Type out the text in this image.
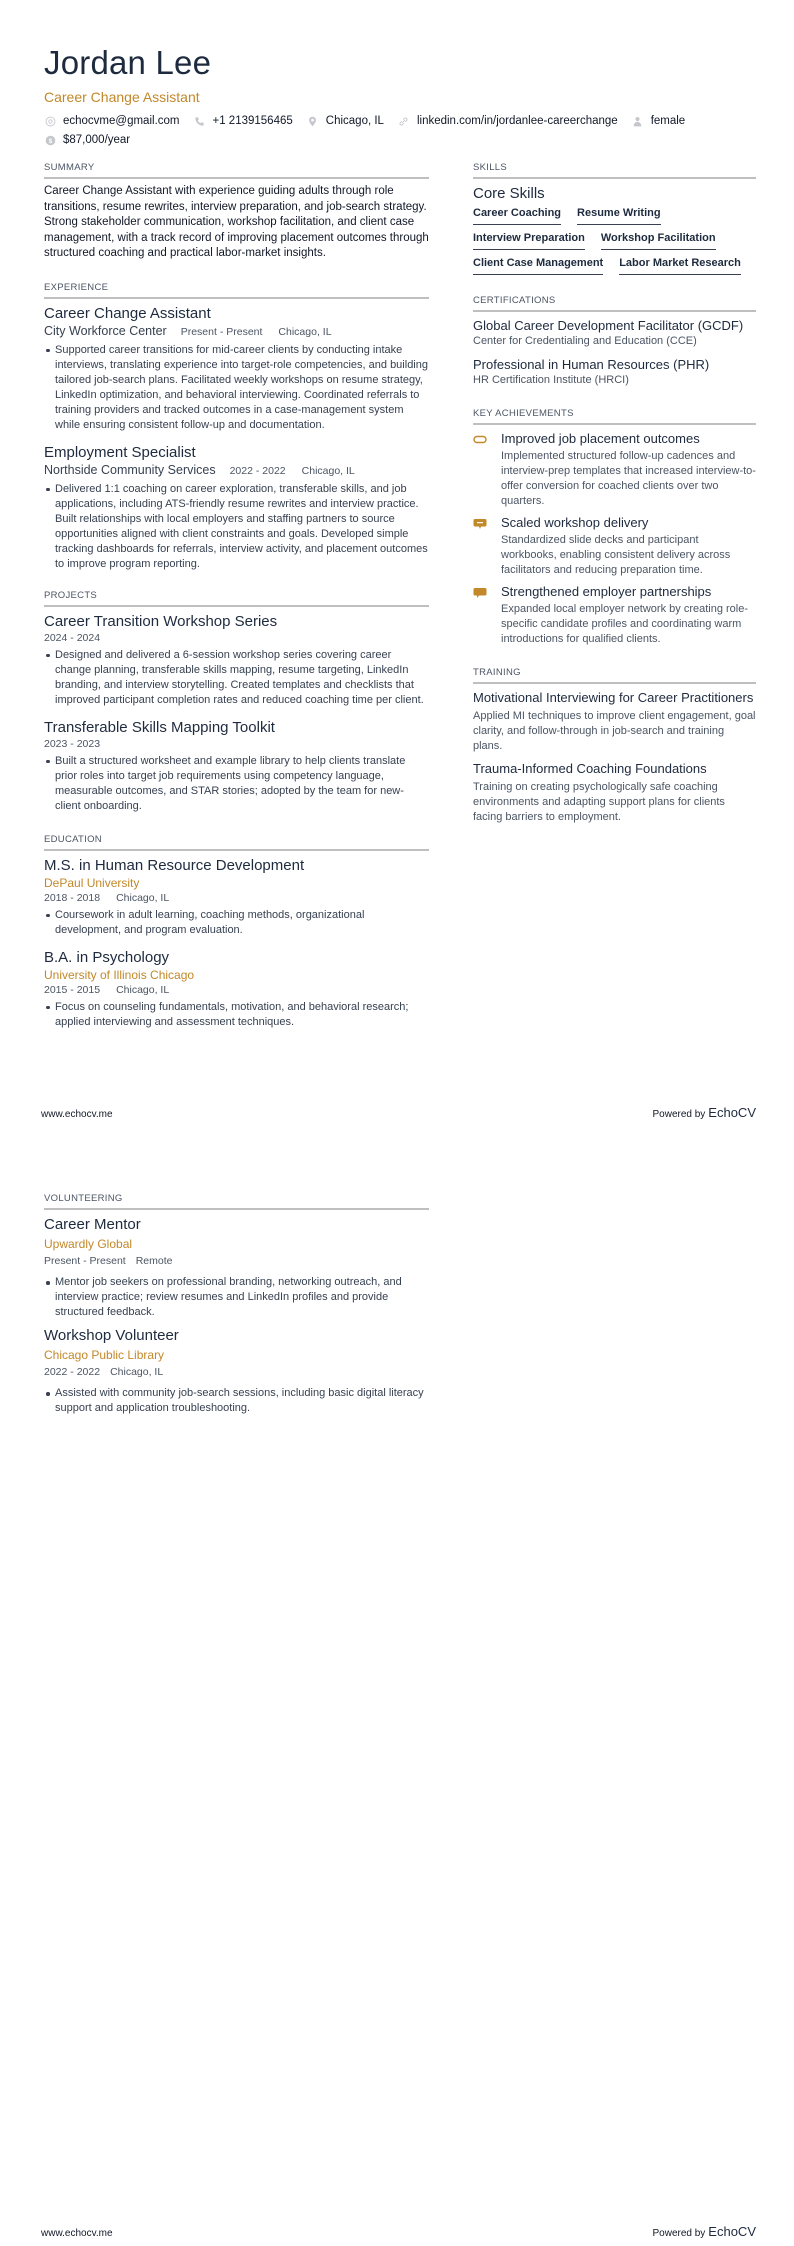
Jordan Lee
Career Change Assistant
echocvme@gmail.com	+1 2139156465	Chicago, IL	linkedin.com/in/jordanlee-careerchange	female
$ $87,000/year
SUMMARY
Career Change Assistant with experience guiding adults through role transitions, resume rewrites, interview preparation, and job-search strategy. Strong stakeholder communication, workshop facilitation, and client case management, with a track record of improving placement outcomes through structured coaching and practical labor-market insights.
EXPERIENCE
Career Change Assistant
City Workforce Center Present - Present Chicago, IL
Supported career transitions for mid-career clients by conducting intake interviews, translating experience into target-role competencies, and building tailored job-search plans. Facilitated weekly workshops on resume strategy, LinkedIn optimization, and behavioral interviewing. Coordinated referrals to training providers and tracked outcomes in a case-management system while ensuring consistent follow-up and documentation.
Employment Specialist
Northside Community Services 2022 - 2022 Chicago, IL
Delivered 1:1 coaching on career exploration, transferable skills, and job applications, including ATS-friendly resume rewrites and interview practice. Built relationships with local employers and staffing partners to source opportunities aligned with client constraints and goals. Developed simple tracking dashboards for referrals, interview activity, and placement outcomes to improve program reporting.
PROJECTS
Career Transition Workshop Series
2024 - 2024
Designed and delivered a 6-session workshop series covering career change planning, transferable skills mapping, resume targeting, LinkedIn branding, and interview storytelling. Created templates and checklists that improved participant completion rates and reduced coaching time per client.
Transferable Skills Mapping Toolkit
2023 - 2023
Built a structured worksheet and example library to help clients translate prior roles into target job requirements using competency language, measurable outcomes, and STAR stories; adopted by the team for new-client onboarding.
EDUCATION
M.S. in Human Resource Development
DePaul University
2018 - 2018 Chicago, IL
Coursework in adult learning, coaching methods, organizational development, and program evaluation.
B.A. in Psychology
University of Illinois Chicago
2015 - 2015 Chicago, IL
Focus on counseling fundamentals, motivation, and behavioral research; applied interviewing and assessment techniques.
SKILLS
Core Skills
Career Coaching Resume Writing
Interview Preparation Workshop Facilitation
Client Case Management Labor Market Research
CERTIFICATIONS
Global Career Development Facilitator (GCDF)
Center for Credentialing and Education (CCE)
Professional in Human Resources (PHR)
HR Certification Institute (HRCI)
KEY ACHIEVEMENTS
Improved job placement outcomes
Implemented structured follow-up cadences and interview-prep templates that increased interview-to-offer conversion for coached clients over two quarters.
Scaled workshop delivery
Standardized slide decks and participant workbooks, enabling consistent delivery across facilitators and reducing preparation time.
Strengthened employer partnerships
Expanded local employer network by creating role-specific candidate profiles and coordinating warm introductions for qualified clients.
TRAINING
Motivational Interviewing for Career Practitioners
Applied MI techniques to improve client engagement, goal clarity, and follow-through in job-search and training plans.
Trauma-Informed Coaching Foundations
Training on creating psychologically safe coaching environments and adapting support plans for clients facing barriers to employment.
www.echocv.me	Powered by EchoCV
VOLUNTEERING
Career Mentor
Upwardly Global
Present - Present Remote
Mentor job seekers on professional branding, networking outreach, and interview practice; review resumes and LinkedIn profiles and provide structured feedback.
Workshop Volunteer
Chicago Public Library
2022 - 2022 Chicago, IL
Assisted with community job-search sessions, including basic digital literacy support and application troubleshooting.
www.echocv.me	Powered by EchoCV
